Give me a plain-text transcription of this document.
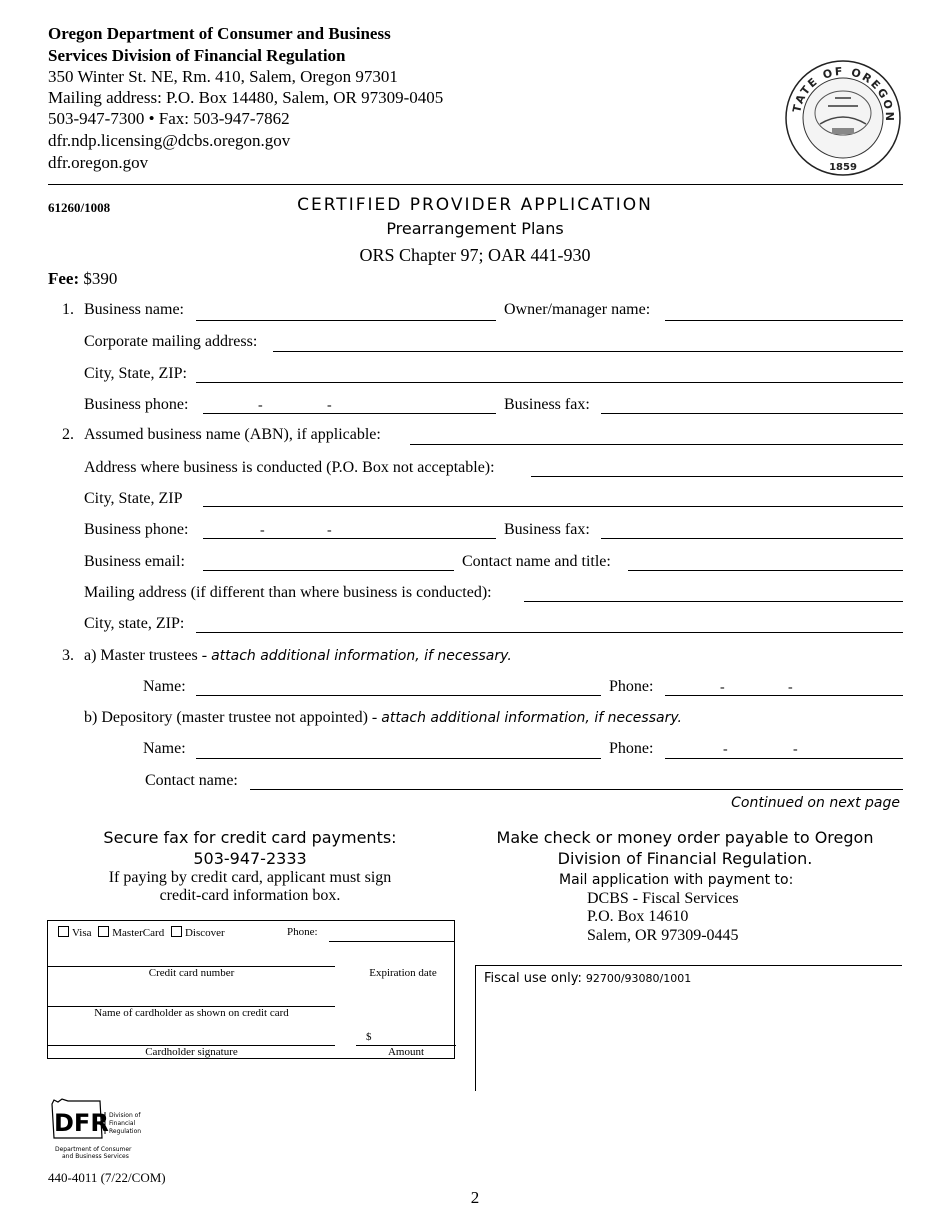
Oregon Department of Consumer and Business
Services Division of Financial Regulation
350 Winter St. NE, Rm. 410, Salem, Oregon 97301
Mailing address: P.O. Box 14480, Salem, OR 97309-0405
503-947-7300 • Fax: 503-947-7862
dfr.ndp.licensing@dcbs.oregon.gov
dfr.oregon.gov
TATE OF OREGON
1859
61260/1008	CERTIFIED PROVIDER APPLICATION
Prearrangement Plans
ORS Chapter 97; OAR 441-930
Fee: $390
1. Business name:	Owner/manager name:
Corporate mailing address:
City, State, ZIP:
Business phone:	-	-	Business fax:
2. Assumed business name (ABN), if applicable:
Address where business is conducted (P.O. Box not acceptable):
City, State, ZIP
Business phone:	-	-	Business fax:
Business email:	Contact name and title:
Mailing address (if different than where business is conducted):
City, state, ZIP:
3. a) Master trustees - attach additional information, if necessary.
Name:	Phone:	-	-
b) Depository (master trustee not appointed) - attach additional information, if necessary.
Name:	Phone:	-	-
Contact name:
Continued on next page
Secure fax for credit card payments:
503-947-2333
If paying by credit card, applicant must sign
credit-card information box.
Make check or money order payable to Oregon
Division of Financial Regulation.
Mail application with payment to:
DCBS - Fiscal Services
P.O. Box 14610
Salem, OR 97309-0445
Visa MasterCard Discover	Phone:
Credit card number	Expiration date
Name of cardholder as shown on credit card
$
Cardholder signature	Amount
Fiscal use only: 92700/93080/1001
DFR Division of
Financial
Regulation
Department of Consumer
and Business Services
440-4011 (7/22/COM)
2
